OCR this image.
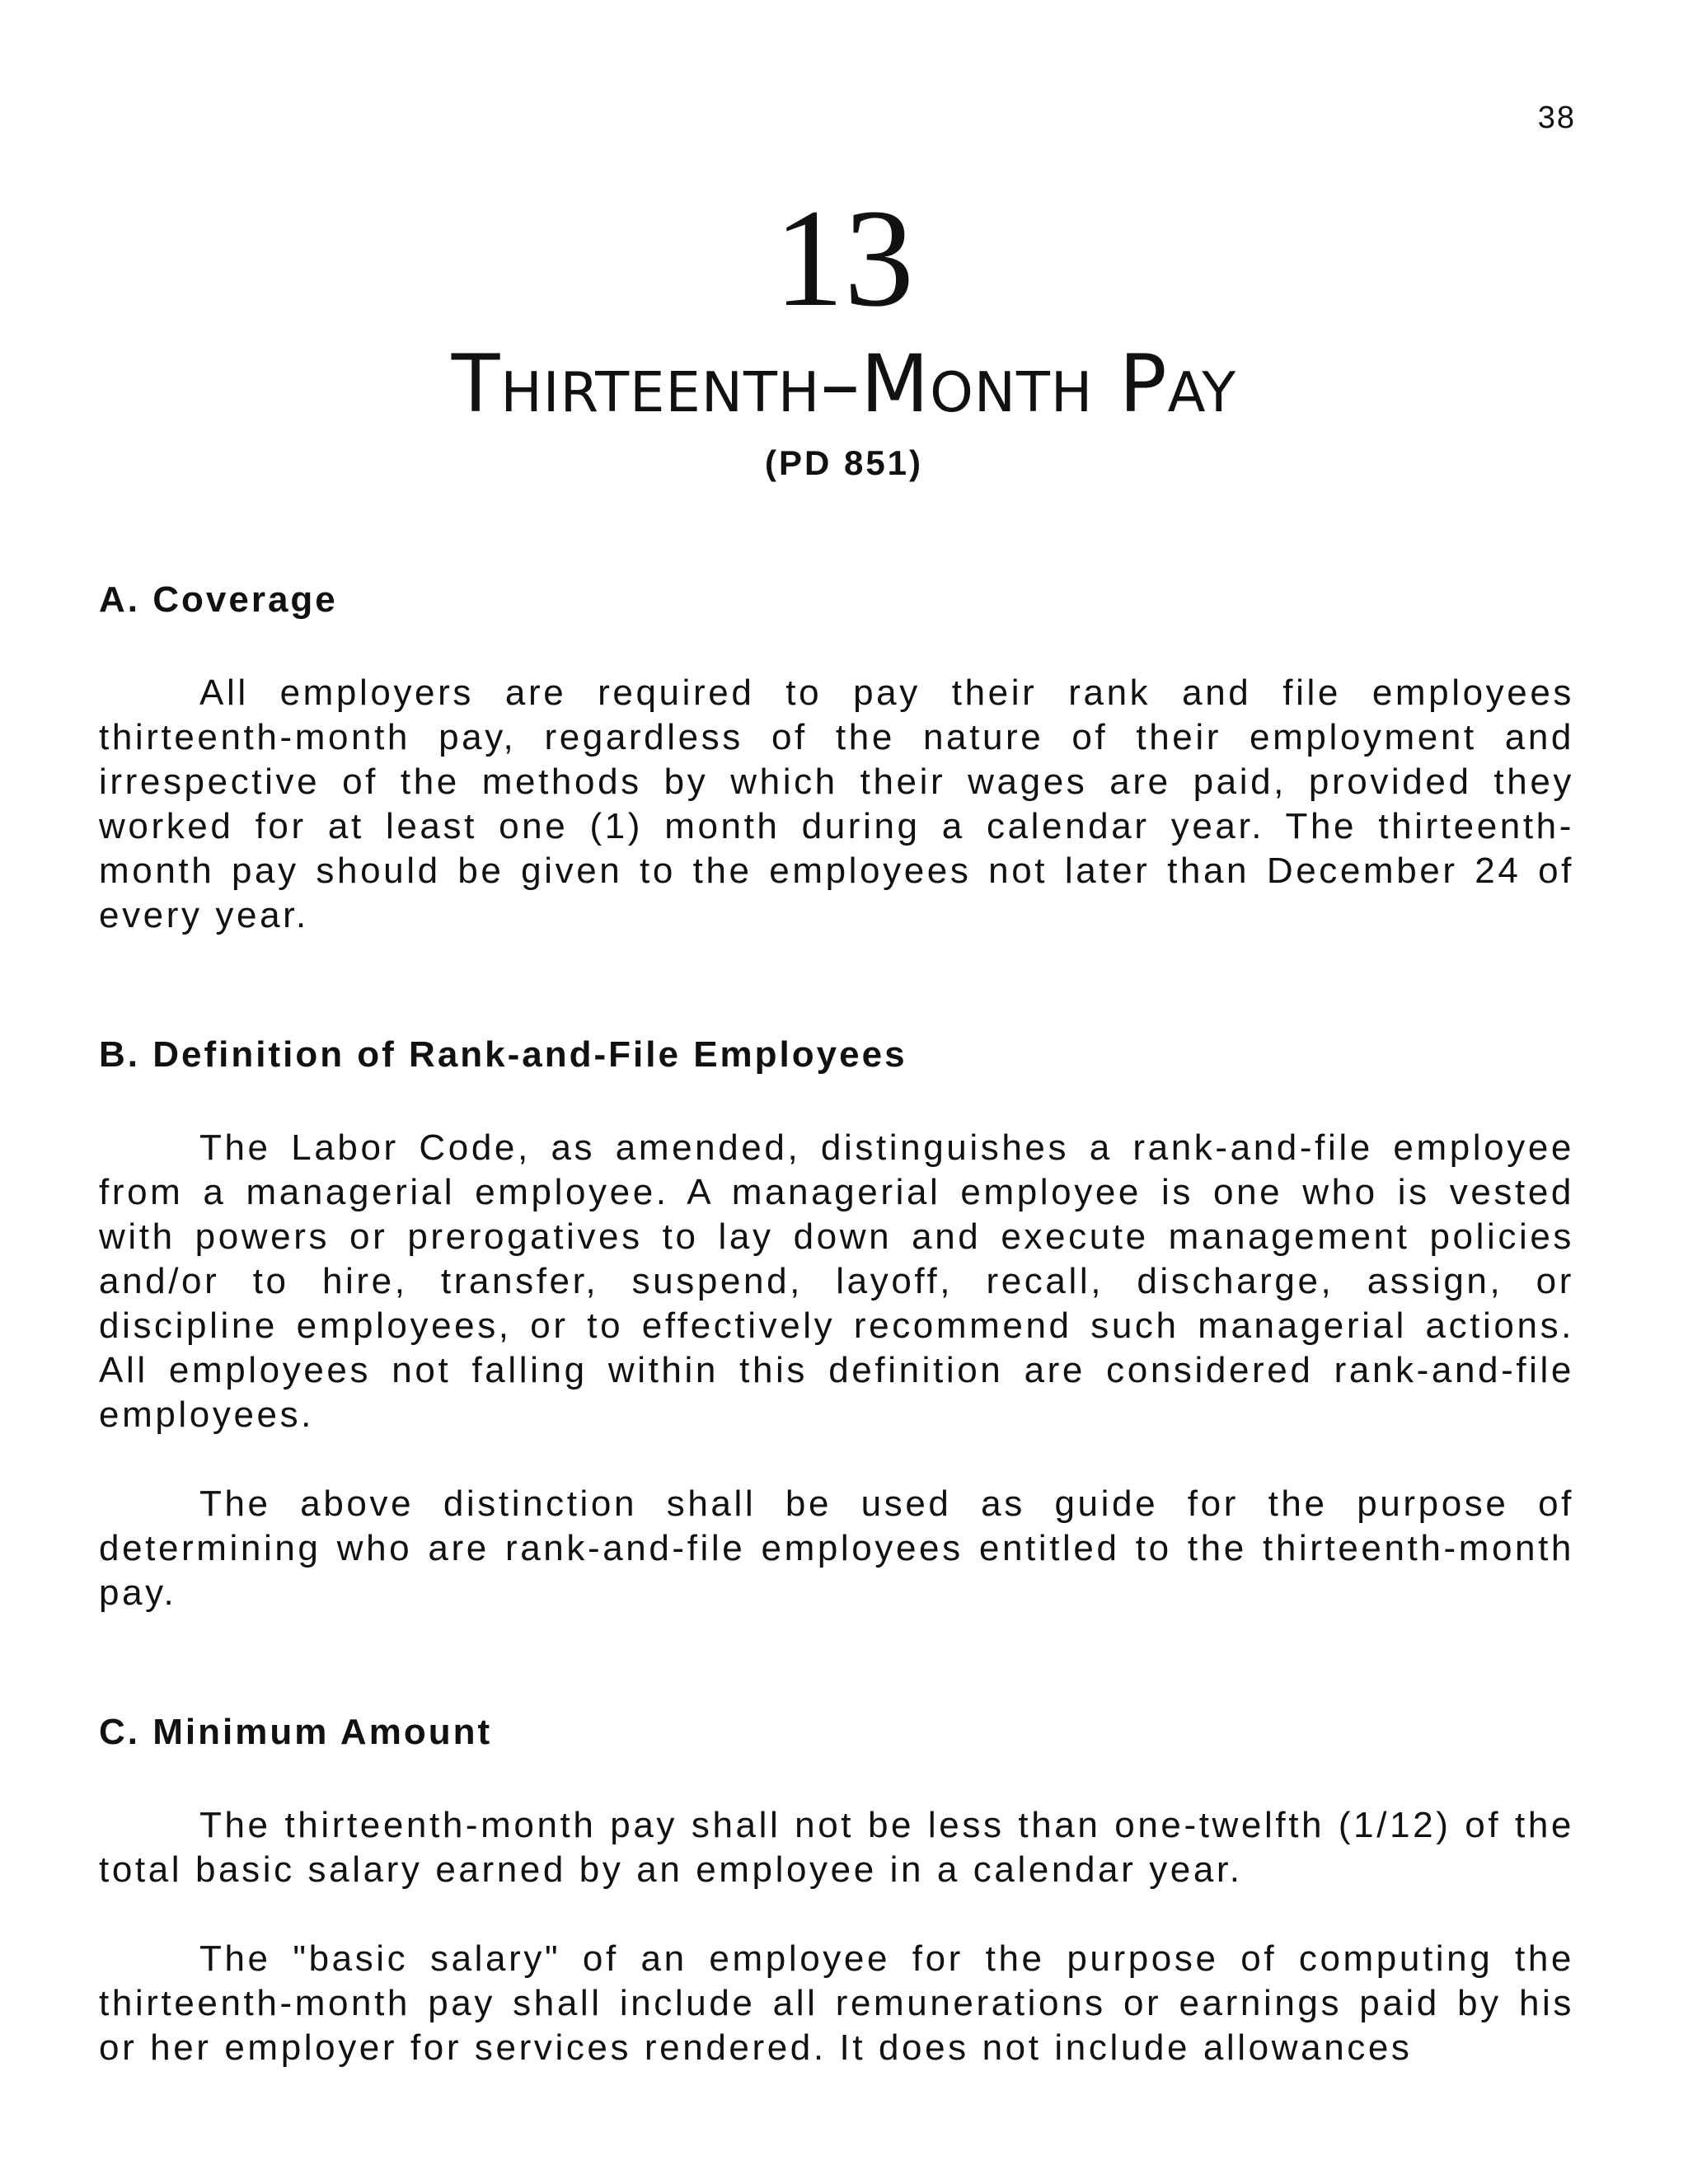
38
13
Thirteenth–Month Pay
(PD 851)
A. Coverage

All employers are required to pay their rank and file employees thirteenth-month pay, regardless of the nature of their employment and irrespective of the methods by which their wages are paid, provided they worked for at least one (1) month during a calendar year. The thirteenth-month pay should be given to the employees not later than December 24 of every year.

B. Definition of Rank-and-File Employees

The Labor Code, as amended, distinguishes a rank-and-file employee from a managerial employee. A managerial employee is one who is vested with powers or prerogatives to lay down and execute management policies and/or to hire, transfer, suspend, layoff, recall, discharge, assign, or discipline employees, or to effectively recommend such managerial actions. All employees not falling within this definition are considered rank-and-file employees.

The above distinction shall be used as guide for the purpose of determining who are rank-and-file employees entitled to the thirteenth-month pay.

C. Minimum Amount

The thirteenth-month pay shall not be less than one-twelfth (1/12) of the total basic salary earned by an employee in a calendar year.

The "basic salary" of an employee for the purpose of computing the thirteenth-month pay shall include all remunerations or earnings paid by his or her employer for services rendered. It does not include allowances
